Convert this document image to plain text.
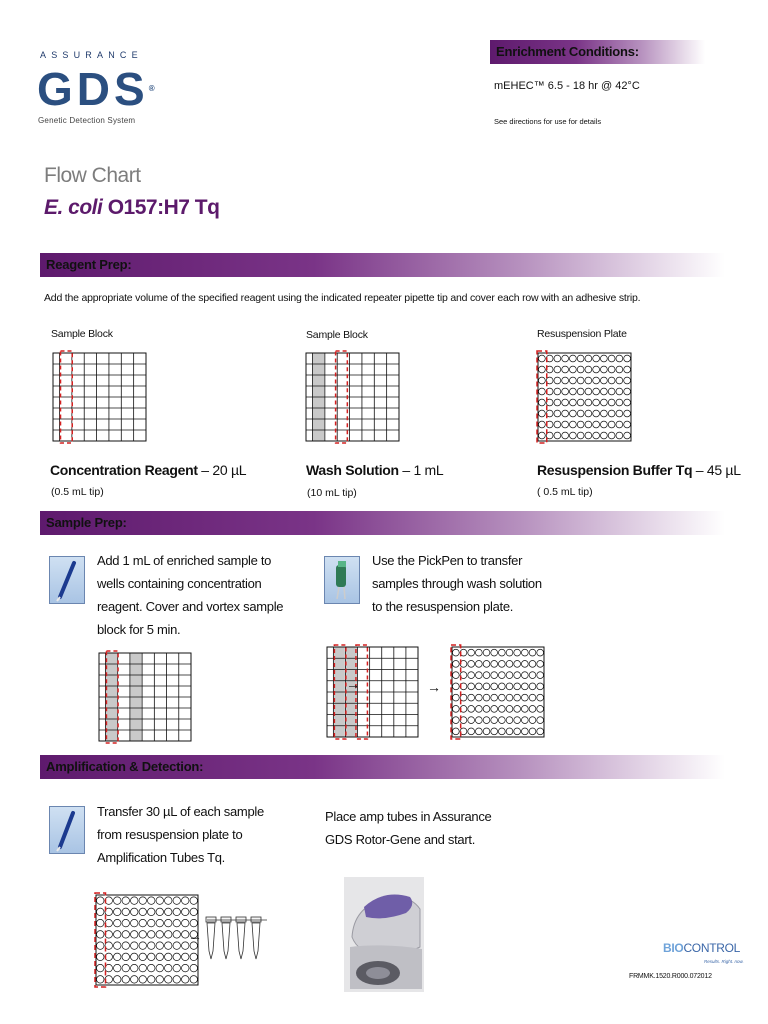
ASSURANCE
GDS®
Genetic Detection System
Enrichment Conditions:
mEHEC™ 6.5 - 18 hr @ 42°C
See directions for use for details
Flow Chart
E. coli O157:H7 Tq
Reagent Prep:
Add the appropriate volume of the specified reagent using the indicated repeater pipette tip and cover each row with an adhesive strip.
Sample Block	Sample Block	Resuspension Plate
Concentration Reagent – 20 µL
(0.5 mL tip)
Wash Solution – 1 mL
(10 mL tip)
Resuspension Buffer Tq – 45 µL
( 0.5 mL tip)
Sample Prep:
Add 1 mL of enriched sample to
wells containing concentration
reagent. Cover and vortex sample
block for 5 min.
Use the PickPen to transfer
samples through wash solution
to the resuspension plate.
→	→
Amplification & Detection:
Transfer 30 µL of each sample
from resuspension plate to
Amplification Tubes Tq.
Place amp tubes in Assurance
GDS Rotor-Gene and start.
→
BIOCONTROL
Results. Right. now.
FRMMK.1520.R000.072012
